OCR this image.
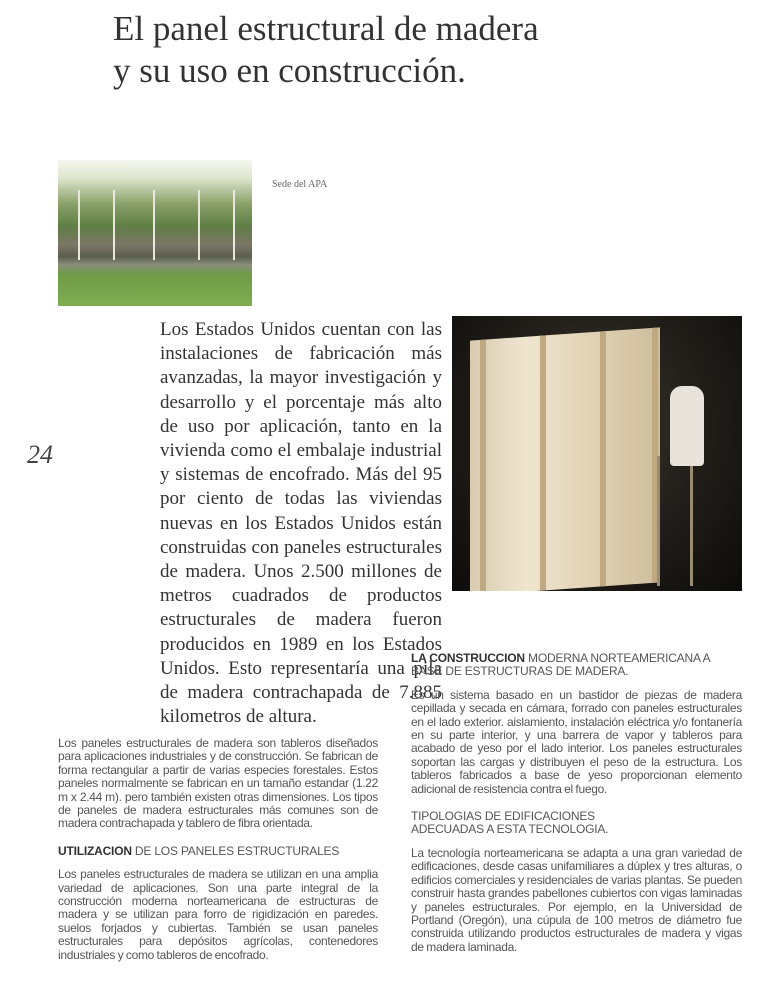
El panel estructural de madera
y su uso en construcción.
Sede del APA

Los Estados Unidos cuentan con las instalaciones de fabricación más avanzadas, la mayor investigación y desarrollo y el porcentaje más alto de uso por aplicación, tanto en la vivienda como el embalaje industrial y sistemas de encofrado. Más del 95 por ciento de todas las viviendas nuevas en los Estados Unidos están construidas con paneles estructurales de madera. Unos 2.500 millones de metros cuadrados de productos estructurales de madera fueron producidos en 1989 en los Estados Unidos. Esto representaría una pila de madera contrachapada de 7.885 kilometros de altura.

24

Los paneles estructurales de madera son tableros diseñados para aplicaciones industriales y de construcción. Se fabrican de forma rectangular a partir de varias especies forestales. Estos paneles normalmente se fabrican en un tamaño estandar (1.22 m x 2.44 m). pero también existen otras dimensiones. Los tipos de paneles de madera estructurales más comunes son de madera contrachapada y tablero de fibra orientada.

UTILIZACION DE LOS PANELES ESTRUCTURALES

Los paneles estructurales de madera se utilizan en una amplia variedad de aplicaciones. Son una parte integral de la construcción moderna norteamericana de estructuras de madera y se utilizan para forro de rigidización en paredes. suelos forjados y cubiertas. También se usan paneles estructurales para depósitos agrícolas, contenedores industriales y como tableros de encofrado.

LA CONSTRUCCION MODERNA NORTEAMERICANA A BASE DE ESTRUCTURAS DE MADERA.

Es un sistema basado en un bastidor de piezas de madera cepillada y secada en cámara, forrado con paneles estructurales en el lado exterior. aislamiento, instalación eléctrica y/o fontanería en su parte interior, y una barrera de vapor y tableros para acabado de yeso por el lado interior. Los paneles estructurales soportan las cargas y distribuyen el peso de la estructura. Los tableros fabricados a base de yeso proporcionan elemento adicional de resistencia contra el fuego.

TIPOLOGIAS DE EDIFICACIONES ADECUADAS A ESTA TECNOLOGIA.

La tecnología norteamericana se adapta a una gran variedad de edificaciones, desde casas unifamiliares a dúplex y tres alturas, o edificios comerciales y residenciales de varias plantas. Se pueden construir hasta grandes pabellones cubiertos con vigas laminadas y paneles estructurales. Por ejemplo, en la Universidad de Portland (Oregón), una cúpula de 100 metros de diámetro fue construida utilizando productos estructurales de madera y vigas de madera laminada.
